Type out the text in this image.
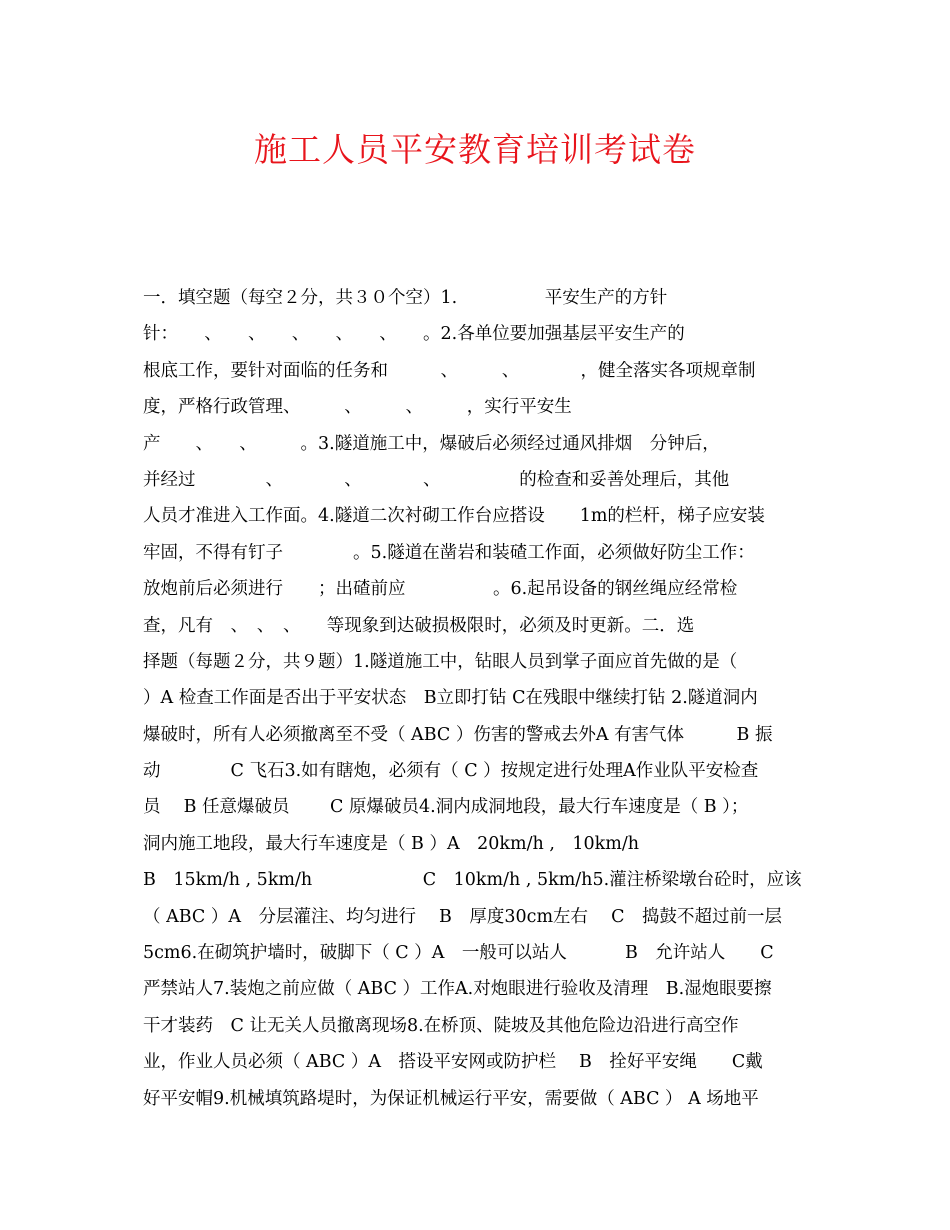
施工人员平安教育培训考试卷
一．填空题（每空２分，共３０个空）1.　　　　　平安生产的方针
针：　　、　　、　　、　　、　　、　　。2.各单位要加强基层平安生产的
根底工作，要针对面临的任务和　　　、　　　、　　　　，健全落实各项规章制
度，严格行政管理、　　　、　　　、　　　，实行平安生
产　　、　　、　　　。3.隧道施工中，爆破后必须经过通风排烟　分钟后，
并经过　　　　、　　　　、　　　　、　　　　　的检查和妥善处理后，其他
人员才准进入工作面。4.隧道二次衬砌工作台应搭设　　1m的栏杆，梯子应安装
牢固，不得有钉子　　　　。5.隧道在凿岩和装碴工作面，必须做好防尘工作：
放炮前后必须进行　　；出碴前应　　　　　。6.起吊设备的钢丝绳应经常检
查，凡有　、　、　、　　等现象到达破损极限时，必须及时更新。二．选
择题（每题２分，共９题）1.隧道施工中，钻眼人员到掌子面应首先做的是（
）A 检查工作面是否出于平安状态　B立即打钻 C在残眼中继续打钻 2.隧道洞内
爆破时，所有人必须撤离至不受（ ABC ）伤害的警戒去外A 有害气体　　　B 振
动　　　　C 飞石3.如有瞎炮，必须有（ C ）按规定进行处理A作业队平安检查
员　 B 任意爆破员　　 C 原爆破员4.洞内成洞地段，最大行车速度是（ B ）；
洞内施工地段，最大行车速度是（ B ）A　20km/h ,　10km/h
B　15km/h , 5km/h　　　　　　 C　10km/h , 5km/h5.灌注桥梁墩台砼时，应该
（ ABC ）A　分层灌注、均匀进行　 B　厚度30cm左右　 C　捣鼓不超过前一层
5cm6.在砌筑护墙时，破脚下（ C ）A　一般可以站人　　　 B　允许站人　　C
严禁站人7.装炮之前应做（ ABC ）工作A.对炮眼进行验收及清理　B.湿炮眼要擦
干才装药　C 让无关人员撤离现场8.在桥顶、陡坡及其他危险边沿进行高空作
业，作业人员必须（ ABC ）A　搭设平安网或防护栏　 B　拴好平安绳　　C戴
好平安帽9.机械填筑路堤时，为保证机械运行平安，需要做（ ABC ） A 场地平
